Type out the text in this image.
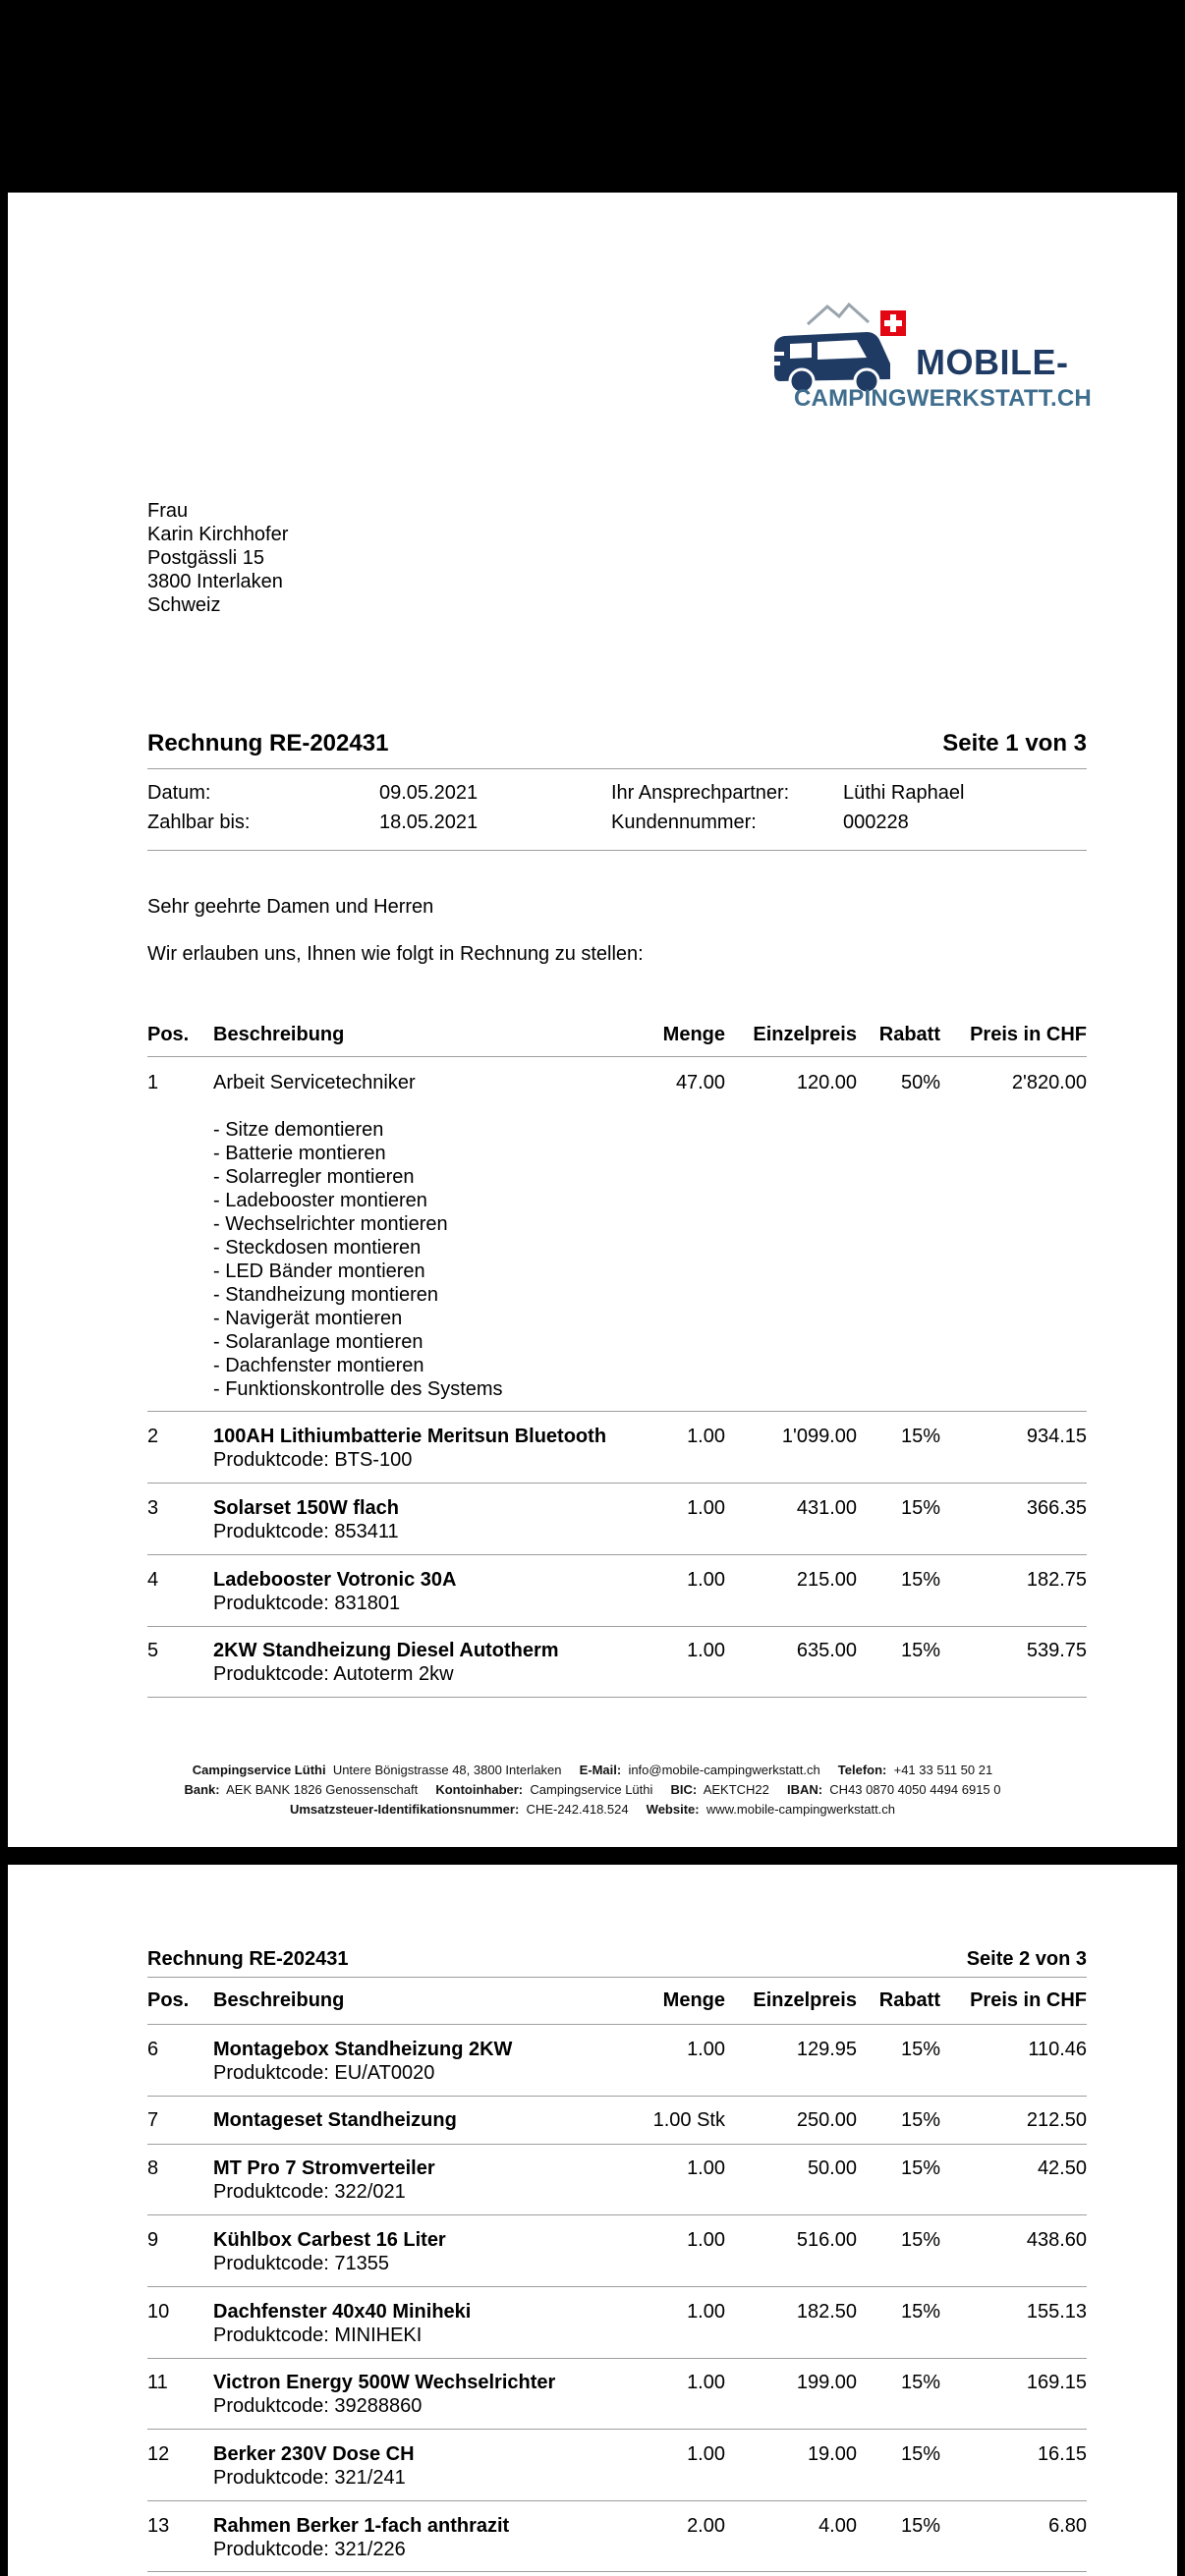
MOBILE-
CAMPINGWERKSTATT.CH
Frau
Karin Kirchhofer
Postgässli 15
3800 Interlaken
Schweiz
Rechnung RE-202431	Seite 1 von 3
Datum:	09.05.2021	Ihr Ansprechpartner:	Lüthi Raphael
Zahlbar bis:	18.05.2021	Kundennummer:	000228
Sehr geehrte Damen und Herren
Wir erlauben uns, Ihnen wie folgt in Rechnung zu stellen:
Pos. Beschreibung	Menge Einzelpreis Rabatt Preis in CHF
1	Arbeit Servicetechniker	47.00	120.00 50%	2'820.00
- Sitze demontieren
- Batterie montieren
- Solarregler montieren
- Ladebooster montieren
- Wechselrichter montieren
- Steckdosen montieren
- LED Bänder montieren
- Standheizung montieren
- Navigerät montieren
- Solaranlage montieren
- Dachfenster montieren
- Funktionskontrolle des Systems
2	100AH Lithiumbatterie Meritsun Bluetooth
Produktcode: BTS-100
1.00	1'099.00 15%	934.15
3	Solarset 150W flach
Produktcode: 853411
1.00	431.00 15%	366.35
4	Ladebooster Votronic 30A
Produktcode: 831801
1.00	215.00 15%	182.75
5	2KW Standheizung Diesel Autotherm
Produktcode: Autoterm 2kw
1.00	635.00 15%	539.75
Campingservice Lüthi Untere Bönigstrasse 48, 3800 Interlaken E-Mail: info@mobile-campingwerkstatt.ch Telefon: +41 33 511 50 21
Bank: AEK BANK 1826 Genossenschaft Kontoinhaber: Campingservice Lüthi BIC: AEKTCH22 IBAN: CH43 0870 4050 4494 6915 0
Umsatzsteuer-Identifikationsnummer: CHE-242.418.524 Website: www.mobile-campingwerkstatt.ch
Rechnung RE-202431	Seite 2 von 3
Pos. Beschreibung	Menge Einzelpreis Rabatt Preis in CHF
6	Montagebox Standheizung 2KW
Produktcode: EU/AT0020
1.00	129.95 15%	110.46
7	Montageset Standheizung	1.00 Stk	250.00 15%	212.50
8	MT Pro 7 Stromverteiler
Produktcode: 322/021
1.00	50.00 15%	42.50
9	Kühlbox Carbest 16 Liter
Produktcode: 71355
1.00	516.00 15%	438.60
10 Dachfenster 40x40 Miniheki
Produktcode: MINIHEKI
1.00	182.50 15%	155.13
11 Victron Energy 500W Wechselrichter
Produktcode: 39288860
1.00	199.00 15%	169.15
12 Berker 230V Dose CH
Produktcode: 321/241
1.00	19.00 15%	16.15
13 Rahmen Berker 1-fach anthrazit
Produktcode: 321/226
2.00	4.00 15%	6.80
